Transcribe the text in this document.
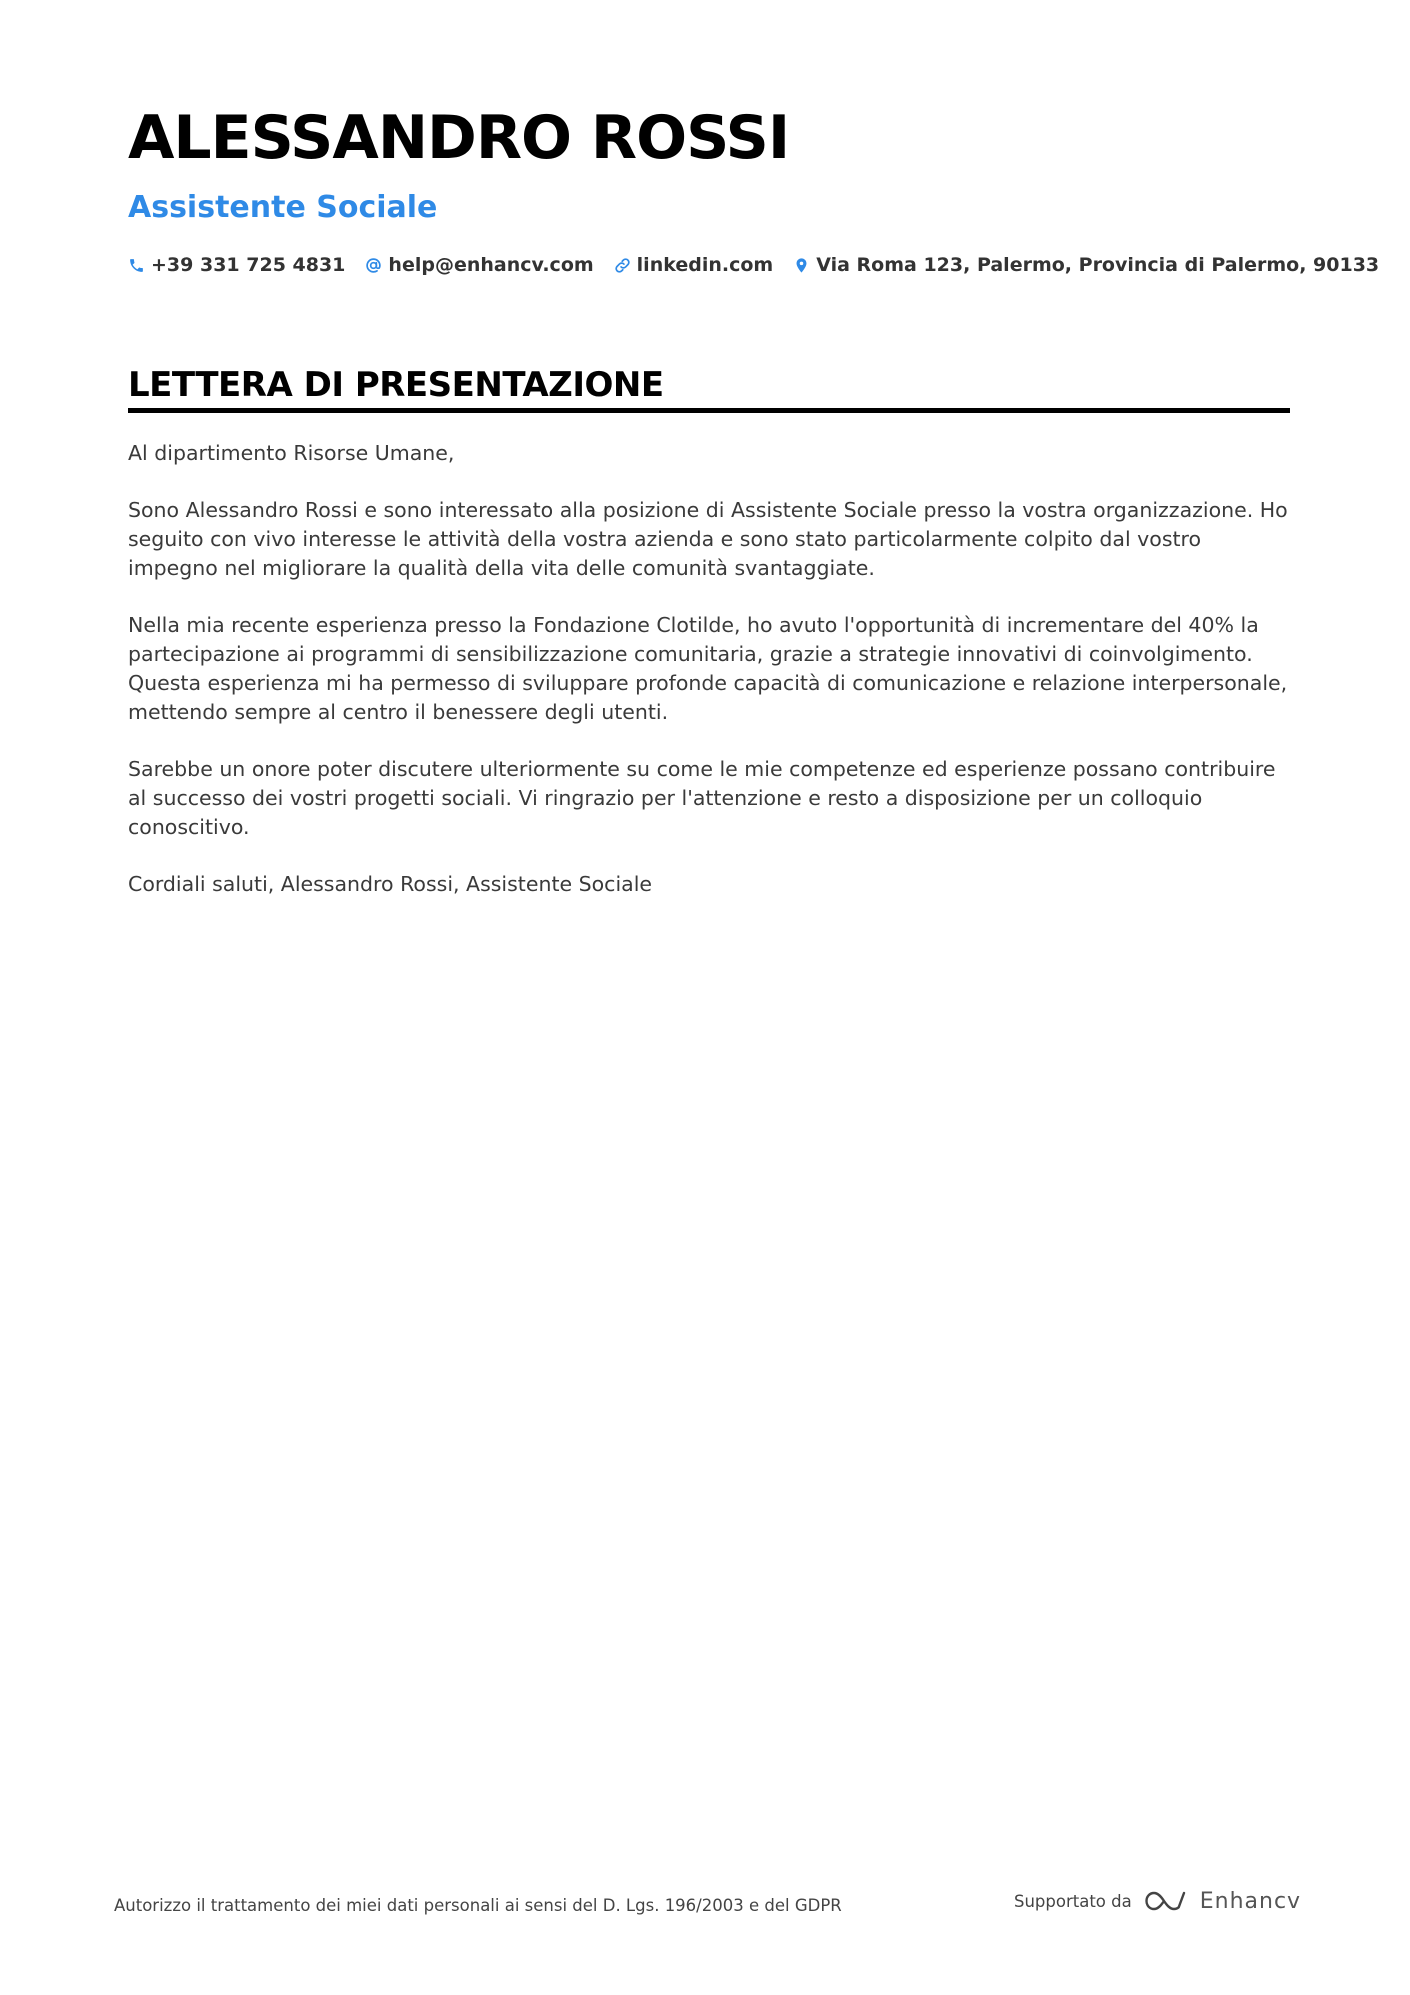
ALESSANDRO ROSSI
Assistente Sociale
+39 331 725 4831 help@enhancv.com linkedin.com Via Roma 123, Palermo, Provincia di Palermo, 90133
LETTERA DI PRESENTAZIONE

Al dipartimento Risorse Umane,

Sono Alessandro Rossi e sono interessato alla posizione di Assistente Sociale presso la vostra organizzazione. Ho seguito con vivo interesse le attività della vostra azienda e sono stato particolarmente colpito dal vostro impegno nel migliorare la qualità della vita delle comunità svantaggiate.

Nella mia recente esperienza presso la Fondazione Clotilde, ho avuto l'opportunità di incrementare del 40% la partecipazione ai programmi di sensibilizzazione comunitaria, grazie a strategie innovativi di coinvolgimento. Questa esperienza mi ha permesso di sviluppare profonde capacità di comunicazione e relazione interpersonale, mettendo sempre al centro il benessere degli utenti.

Sarebbe un onore poter discutere ulteriormente su come le mie competenze ed esperienze possano contribuire al successo dei vostri progetti sociali. Vi ringrazio per l'attenzione e resto a disposizione per un colloquio conoscitivo.

Cordiali saluti, Alessandro Rossi, Assistente Sociale

Autorizzo il trattamento dei miei dati personali ai sensi del D. Lgs. 196/2003 e del GDPR	Supportato da	Enhancv
